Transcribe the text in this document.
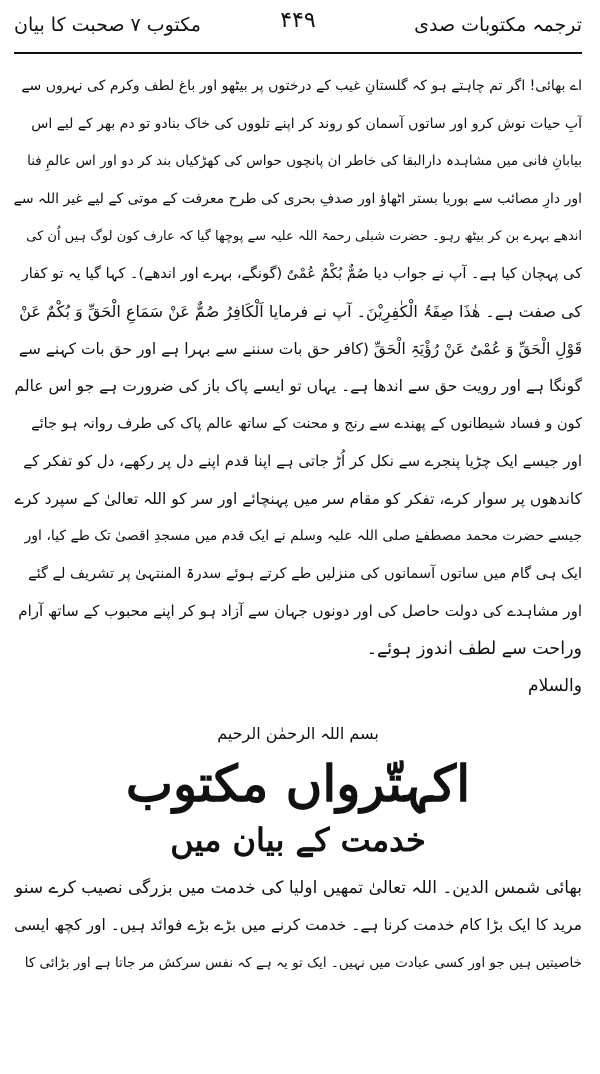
ترجمہ مکتوبات صدی
۴۴۹
مکتوب ۷ صحبت کا بیان
اے بھائی! اگر تم چاہتے ہو کہ گلستانِ غیب کے درختوں پر بیٹھو اور باغ لطف وکرم کی نہروں سے
آبِ حیات نوش کرو اور ساتوں آسمان کو روند کر اپنے تلووں کی خاک بنادو تو دم بھر کے لیے اس
بیابانِ فانی میں مشاہدہ دارالبقا کی خاطر ان پانچوں حواس کی کھڑکیاں بند کر دو اور اس عالمِ فنا
اور دارِ مصائب سے بوریا بستر اٹھاؤ اور صدفِ بحری کی طرح معرفت کے موتی کے لیے غیر اللہ سے
اندھے بہرے بن کر بیٹھ رہو۔ حضرت شبلی رحمۃ اللہ علیہ سے پوچھا گیا کہ عارف کون لوگ ہیں اُن کی
کی پہچان کیا ہے۔ آپ نے جواب دیا صُمٌّ بُکْمٌ عُمْیٌ (گونگے، بہرے اور اندھے)۔ کہا گیا یہ تو کفار
کی صفت ہے۔ ھٰذَا صِفَۃُ الْکٰفِرِیْنَ۔ آپ نے فرمایا اَلْکَافِرُ صُمٌّ عَنْ سَمَاعِ الْحَقِّ وَ بُکْمٌ عَنْ
قَوْلِ الْحَقِّ وَ عُمْیٌ عَنْ رُؤْیَۃِ الْحَقِّ (کافر حق بات سننے سے بہرا ہے اور حق بات کہنے سے
گونگا ہے اور رویت حق سے اندھا ہے۔ یہاں تو ایسے پاک باز کی ضرورت ہے جو اس عالم
کون و فساد شیطانوں کے پھندے سے رنج و محنت کے ساتھ عالم پاک کی طرف روانہ ہو جائے
اور جیسے ایک چڑیا پنجرے سے نکل کر اُڑ جاتی ہے اپنا قدم اپنے دل پر رکھے، دل کو تفکر کے
کاندھوں پر سوار کرے، تفکر کو مقام سر میں پہنچائے اور سر کو اللہ تعالیٰ کے سپرد کرے
جیسے حضرت محمد مصطفےٰ صلی اللہ علیہ وسلم نے ایک قدم میں مسجدِ اقصیٰ تک طے کیا، اور
ایک ہی گام میں ساتوں آسمانوں کی منزلیں طے کرتے ہوئے سدرۃ المنتہیٰ پر تشریف لے گئے
اور مشاہدے کی دولت حاصل کی اور دونوں جہان سے آزاد ہو کر اپنے محبوب کے ساتھ آرام
وراحت سے لطف اندوز ہوئے۔
والسلام
بسم اللہ الرحمٰن الرحیم
اکہتّرواں مکتوب
خدمت کے بیان میں
بھائی شمس الدین۔ اللہ تعالیٰ تمھیں اولیا کی خدمت میں بزرگی نصیب کرے سنو
مرید کا ایک بڑا کام خدمت کرنا ہے۔ خدمت کرنے میں بڑے بڑے فوائد ہیں۔ اور کچھ ایسی
خاصیتیں ہیں جو اور کسی عبادت میں نہیں۔ ایک تو یہ ہے کہ نفس سرکش مر جاتا ہے اور بڑائی کا
